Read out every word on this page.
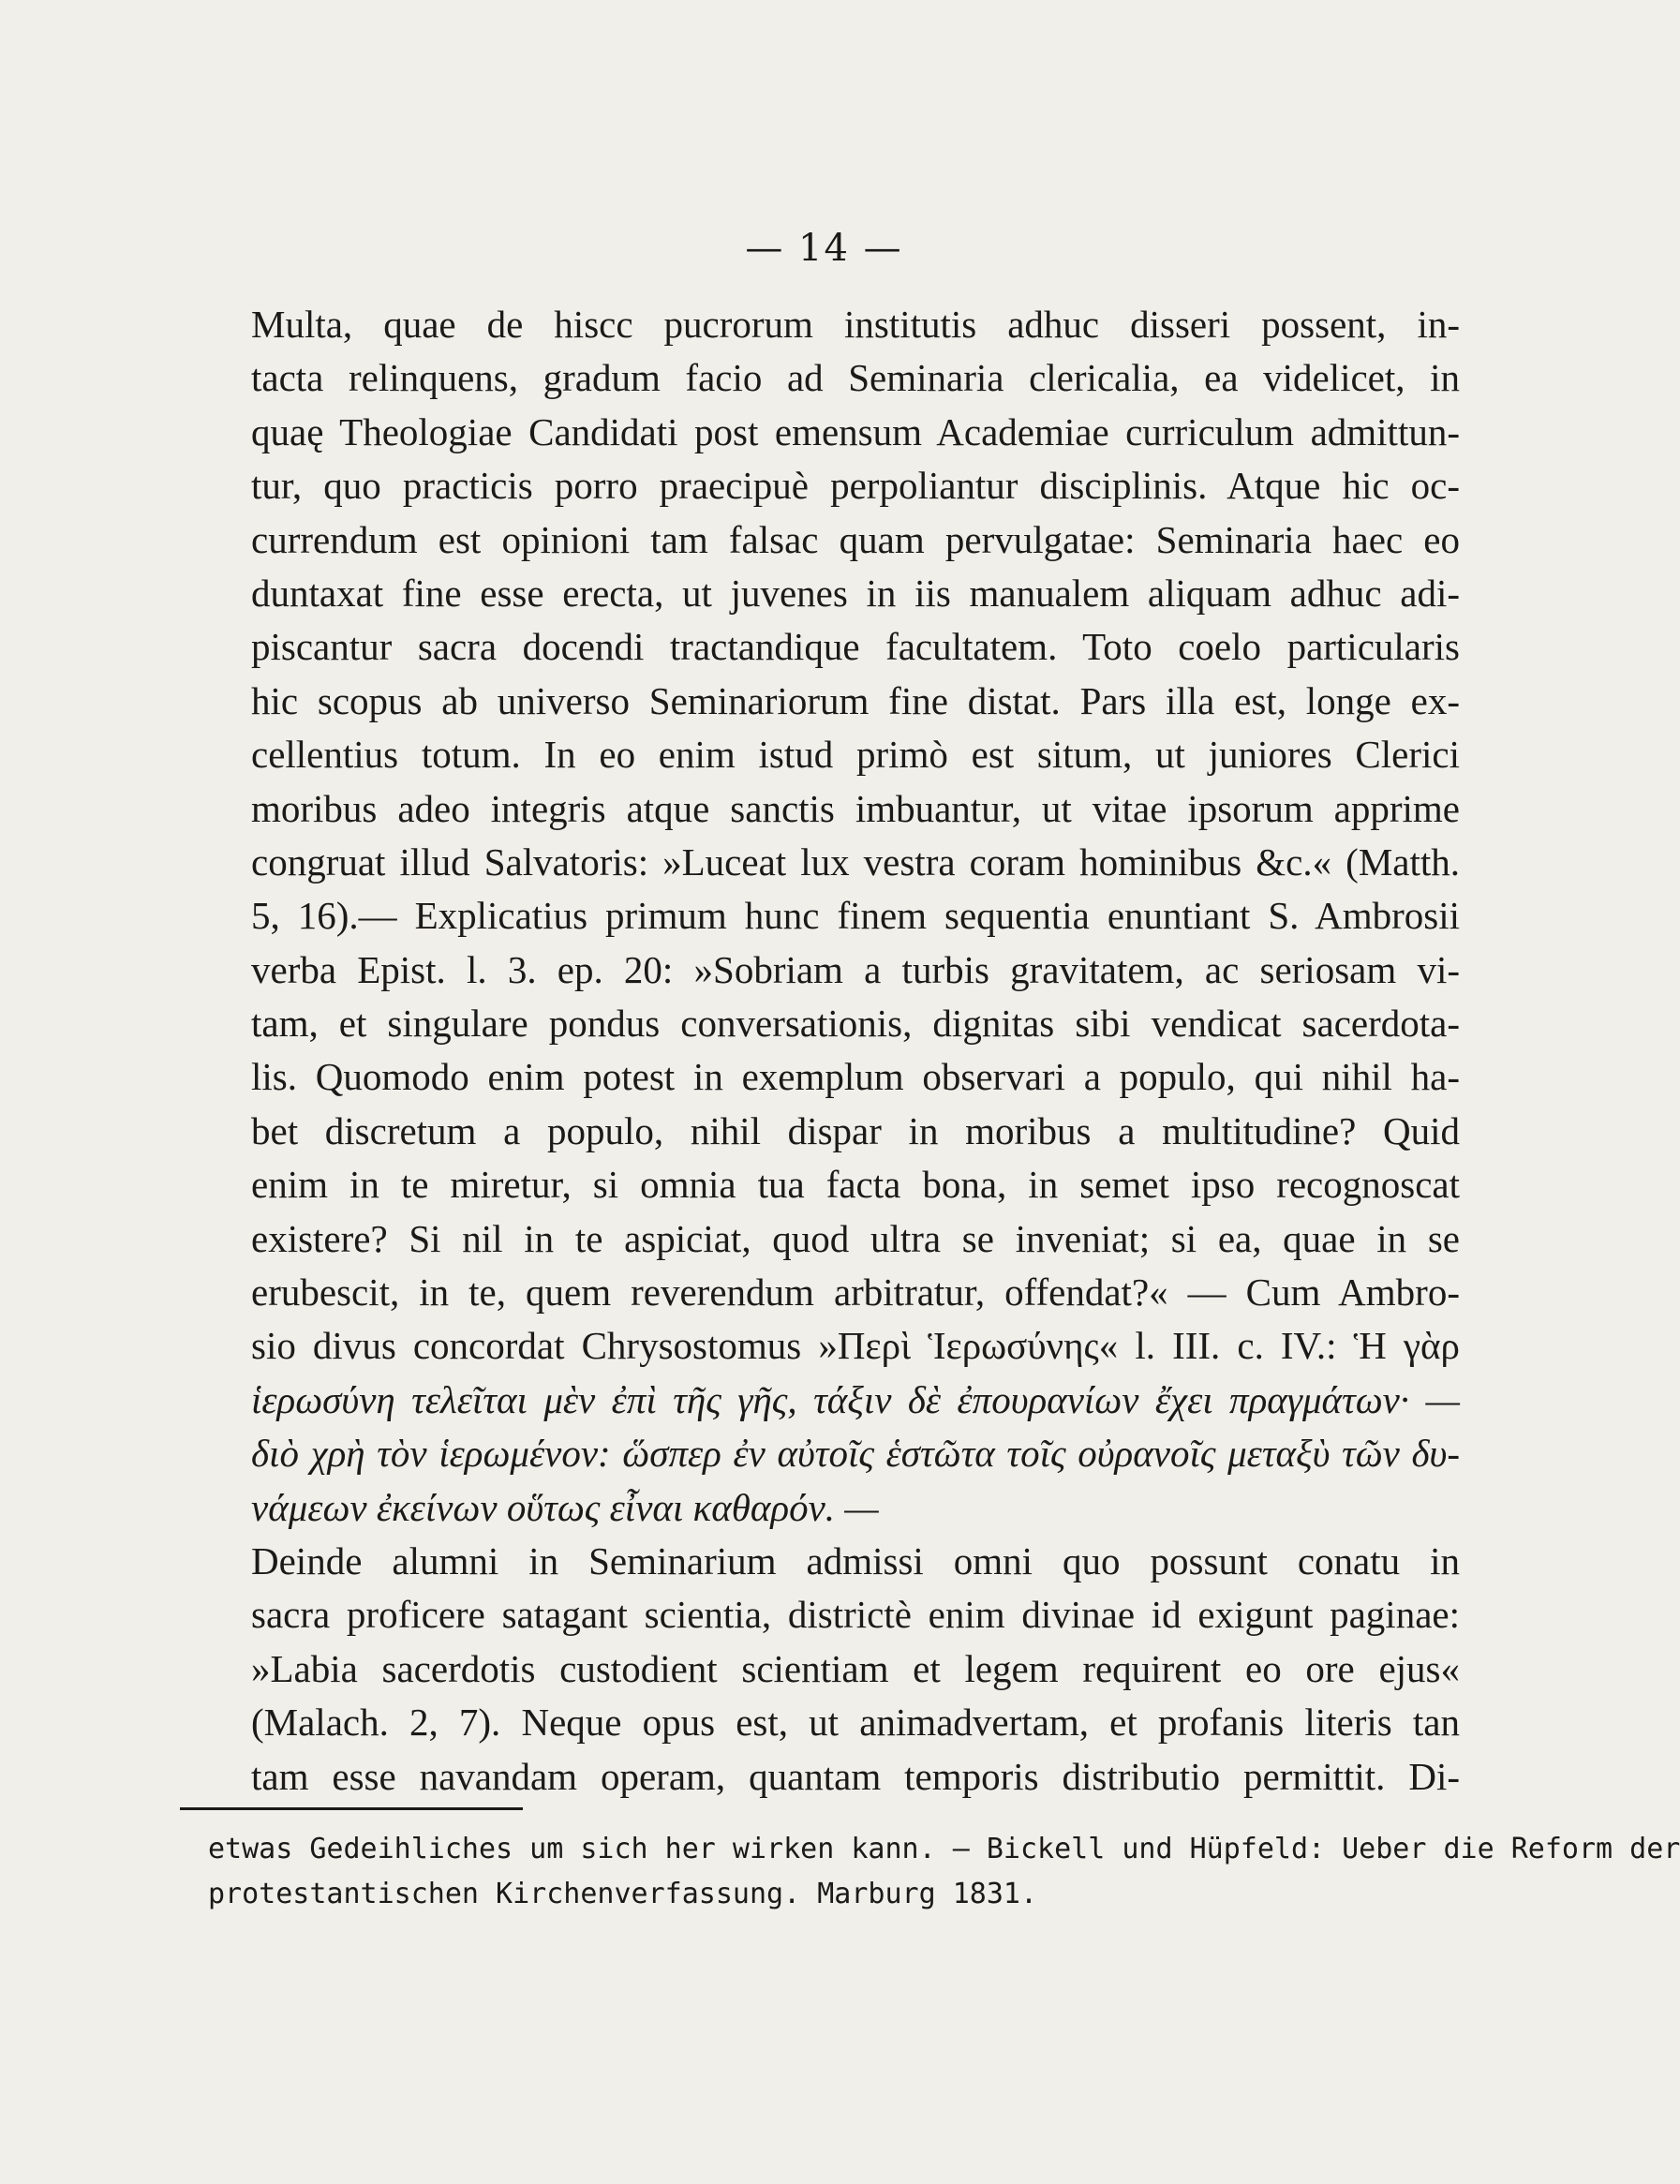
— 14 —
Multa, quae de hiscc pucrorum institutis adhuc disseri possent, in-
tacta relinquens, gradum facio ad Seminaria clericalia, ea videlicet, in
quaę Theologiae Candidati post emensum Academiae curriculum admittun-
tur, quo practicis porro praecipuè perpoliantur disciplinis. Atque hic oc-
currendum est opinioni tam falsac quam pervulgatae: Seminaria haec eo
duntaxat fine esse erecta, ut juvenes in iis manualem aliquam adhuc adi-
piscantur sacra docendi tractandique facultatem. Toto coelo particularis
hic scopus ab universo Seminariorum fine distat. Pars illa est, longe ex-
cellentius totum. In eo enim istud primò est situm, ut juniores Clerici
moribus adeo integris atque sanctis imbuantur, ut vitae ipsorum apprime
congruat illud Salvatoris: »Luceat lux vestra coram hominibus &c.« (Matth.
5, 16).— Explicatius primum hunc finem sequentia enuntiant S. Ambrosii
verba Epist. l. 3. ep. 20: »Sobriam a turbis gravitatem, ac seriosam vi-
tam, et singulare pondus conversationis, dignitas sibi vendicat sacerdota-
lis. Quomodo enim potest in exemplum observari a populo, qui nihil ha-
bet discretum a populo, nihil dispar in moribus a multitudine? Quid
enim in te miretur, si omnia tua facta bona, in semet ipso recognoscat
existere? Si nil in te aspiciat, quod ultra se inveniat; si ea, quae in se
erubescit, in te, quem reverendum arbitratur, offendat?« — Cum Ambro-
sio divus concordat Chrysostomus »Περὶ Ἱερωσύνης« l. III. c. IV.: Ἡ γὰρ
ἱερωσύνη τελεῖται μὲν ἐπὶ τῆς γῆς, τάξιν δὲ ἐπουρανίων ἔχει πραγμάτων· —
διὸ χρὴ τὸν ἱερωμένον: ὥσπερ ἐν αὐτοῖς ἑστῶτα τοῖς οὐρανοῖς μεταξὺ τῶν δυ-
νάμεων ἐκείνων οὕτως εἶναι καθαρόν. —
Deinde alumni in Seminarium admissi omni quo possunt conatu in
sacra proficere satagant scientia, districtè enim divinae id exigunt paginae:
»Labia sacerdotis custodient scientiam et legem requirent eo ore ejus«
(Malach. 2, 7). Neque opus est, ut animadvertam, et profanis literis tan
tam esse navandam operam, quantam temporis distributio permittit. Di-
etwas Gedeihliches um sich her wirken kann. — Bickell und Hüpfeld: Ueber die Reform der
protestantischen Kirchenverfassung. Marburg 1831.
